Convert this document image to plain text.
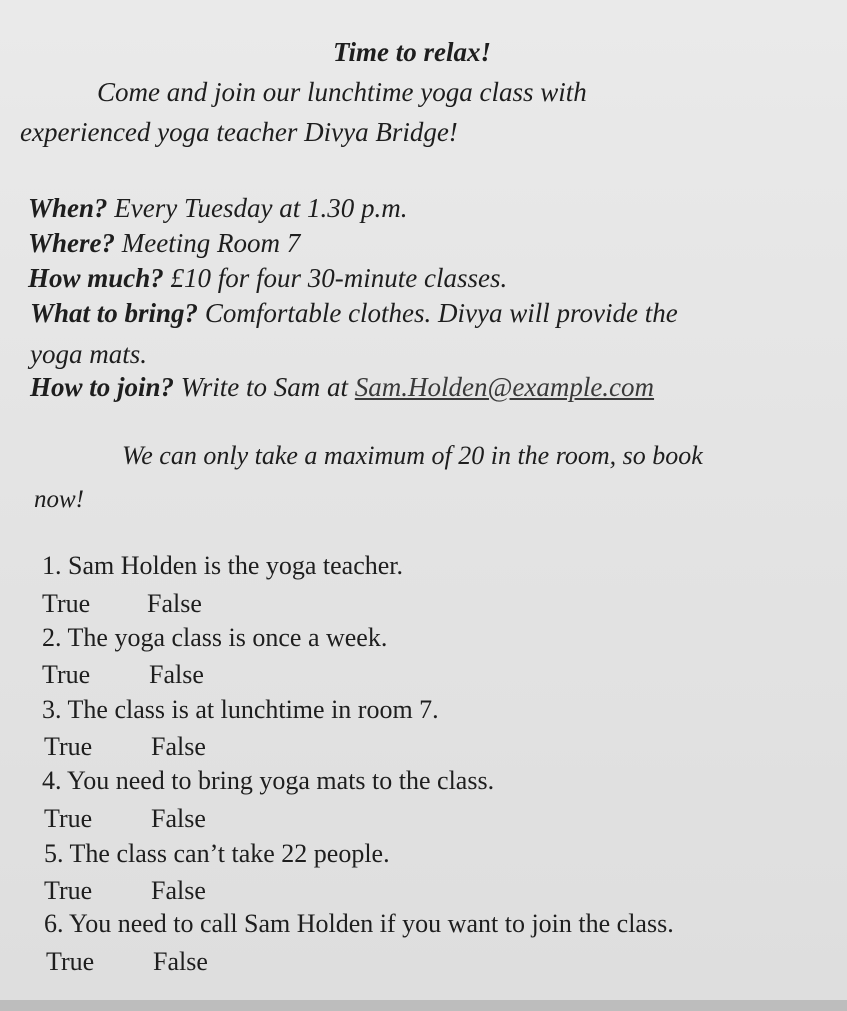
Time to relax!
Come and join our lunchtime yoga class with
experienced yoga teacher Divya Bridge!
When? Every Tuesday at 1.30 p.m.
Where? Meeting Room 7
How much? £10 for four 30-minute classes.
What to bring? Comfortable clothes. Divya will provide the
yoga mats.
How to join? Write to Sam at Sam.Holden@example.com
We can only take a maximum of 20 in the room, so book
now!
1. Sam Holden is the yoga teacher.
True False
2. The yoga class is once a week.
True False
3. The class is at lunchtime in room 7.
True False
4. You need to bring yoga mats to the class.
True False
5. The class can’t take 22 people.
True False
6. You need to call Sam Holden if you want to join the class.
True False
